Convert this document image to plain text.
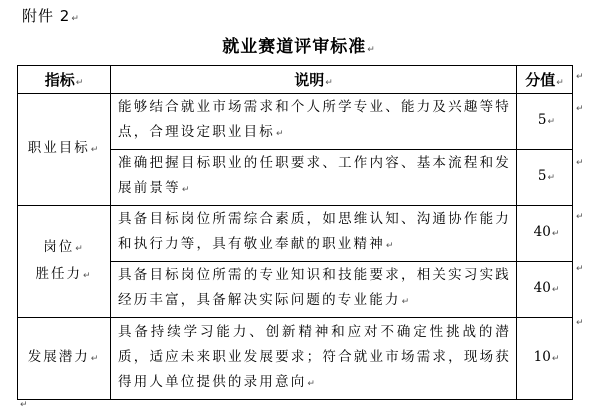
附件 2↵
就业赛道评审标准↵
指标↵	说明↵	分值↵
职业目标↵	能够结合就业市场需求和个人所学专业、能力及兴趣等特点，合理设定职业目标↵	5↵
	准确把握目标职业的任职要求、工作内容、基本流程和发展前景等↵	5↵
岗位↵
胜任力↵	具备目标岗位所需综合素质，如思维认知、沟通协作能力和执行力等，具有敬业奉献的职业精神↵	40↵
	具备目标岗位所需的专业知识和技能要求，相关实习实践经历丰富，具备解决实际问题的专业能力↵	40↵
发展潜力↵	具备持续学习能力、创新精神和应对不确定性挑战的潜质，适应未来职业发展要求；符合就业市场需求，现场获得用人单位提供的录用意向↵	10↵
↵
↵
↵
↵
↵
↵
↵
